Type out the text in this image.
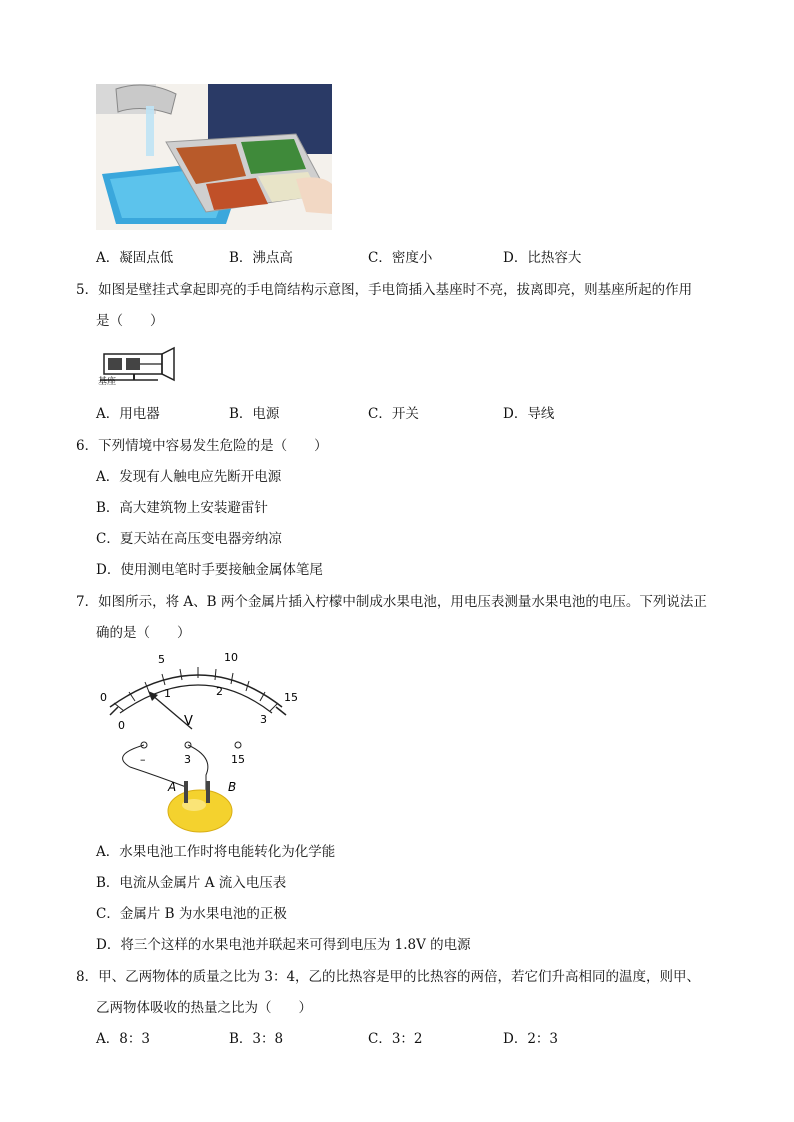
A．凝固点低	B．沸点高	C．密度小	D．比热容大
5．如图是壁挂式拿起即亮的手电筒结构示意图，手电筒插入基座时不亮，拔离即亮，则基座所起的作用
是（　　）
基座
A．用电器	B．电源	C．开关	D．导线
6．下列情境中容易发生危险的是（　　）
A．发现有人触电应先断开电源
B．高大建筑物上安装避雷针
C．夏天站在高压变电器旁纳凉
D．使用测电笔时手要接触金属体笔尾
7．如图所示，将 A、B 两个金属片插入柠檬中制成水果电池，用电压表测量水果电池的电压。下列说法正
确的是（　　）
0
5	10
15
0
1	2
3
V
–	3	15
A	B
A．水果电池工作时将电能转化为化学能
B．电流从金属片 A 流入电压表
C．金属片 B 为水果电池的正极
D．将三个这样的水果电池并联起来可得到电压为 1.8V 的电源
8．甲、乙两物体的质量之比为 3：4，乙的比热容是甲的比热容的两倍，若它们升高相同的温度，则甲、
乙两物体吸收的热量之比为（　　）
A．8：3	B．3：8	C．3：2	D．2：3
